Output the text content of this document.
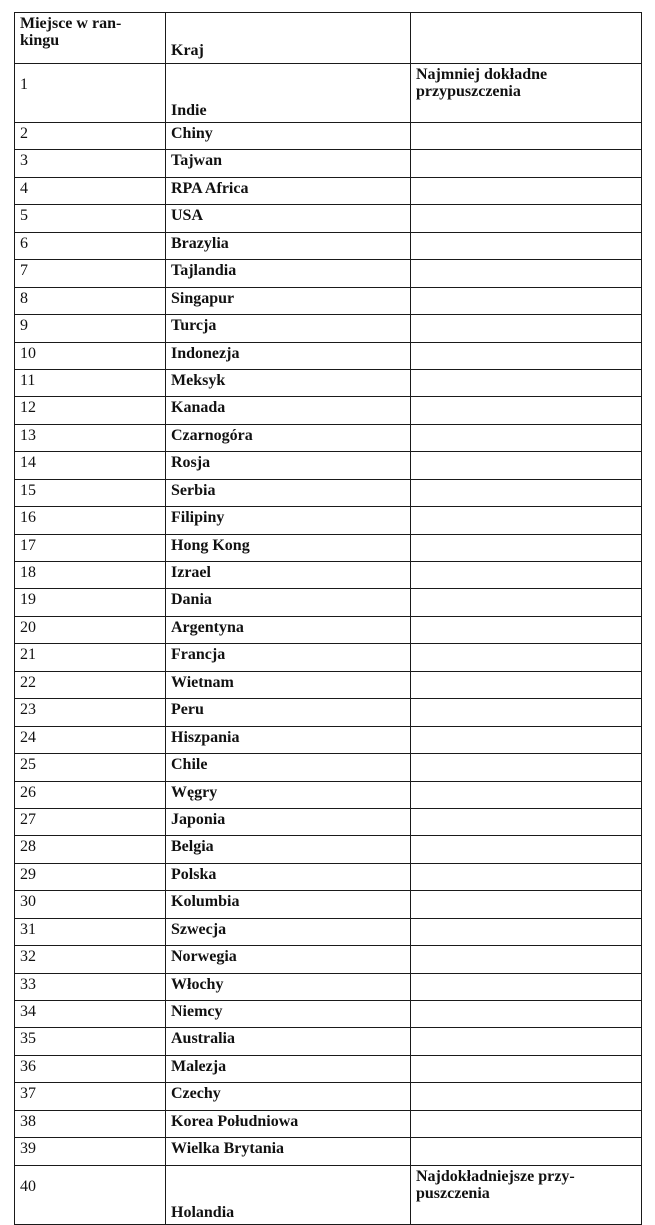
Miejsce w ran-
kingu	Kraj	
1	Indie	Najmniej dokładne
przypuszczenia
2	Chiny	
3	Tajwan	
4	RPA Africa	
5	USA	
6	Brazylia	
7	Tajlandia	
8	Singapur	
9	Turcja	
10	Indonezja	
11	Meksyk	
12	Kanada	
13	Czarnogóra	
14	Rosja	
15	Serbia	
16	Filipiny	
17	Hong Kong	
18	Izrael	
19	Dania	
20	Argentyna	
21	Francja	
22	Wietnam	
23	Peru	
24	Hiszpania	
25	Chile	
26	Węgry	
27	Japonia	
28	Belgia	
29	Polska	
30	Kolumbia	
31	Szwecja	
32	Norwegia	
33	Włochy	
34	Niemcy	
35	Australia	
36	Malezja	
37	Czechy	
38	Korea Południowa	
39	Wielka Brytania	
40	Holandia	Najdokładniejsze przy-
puszczenia
